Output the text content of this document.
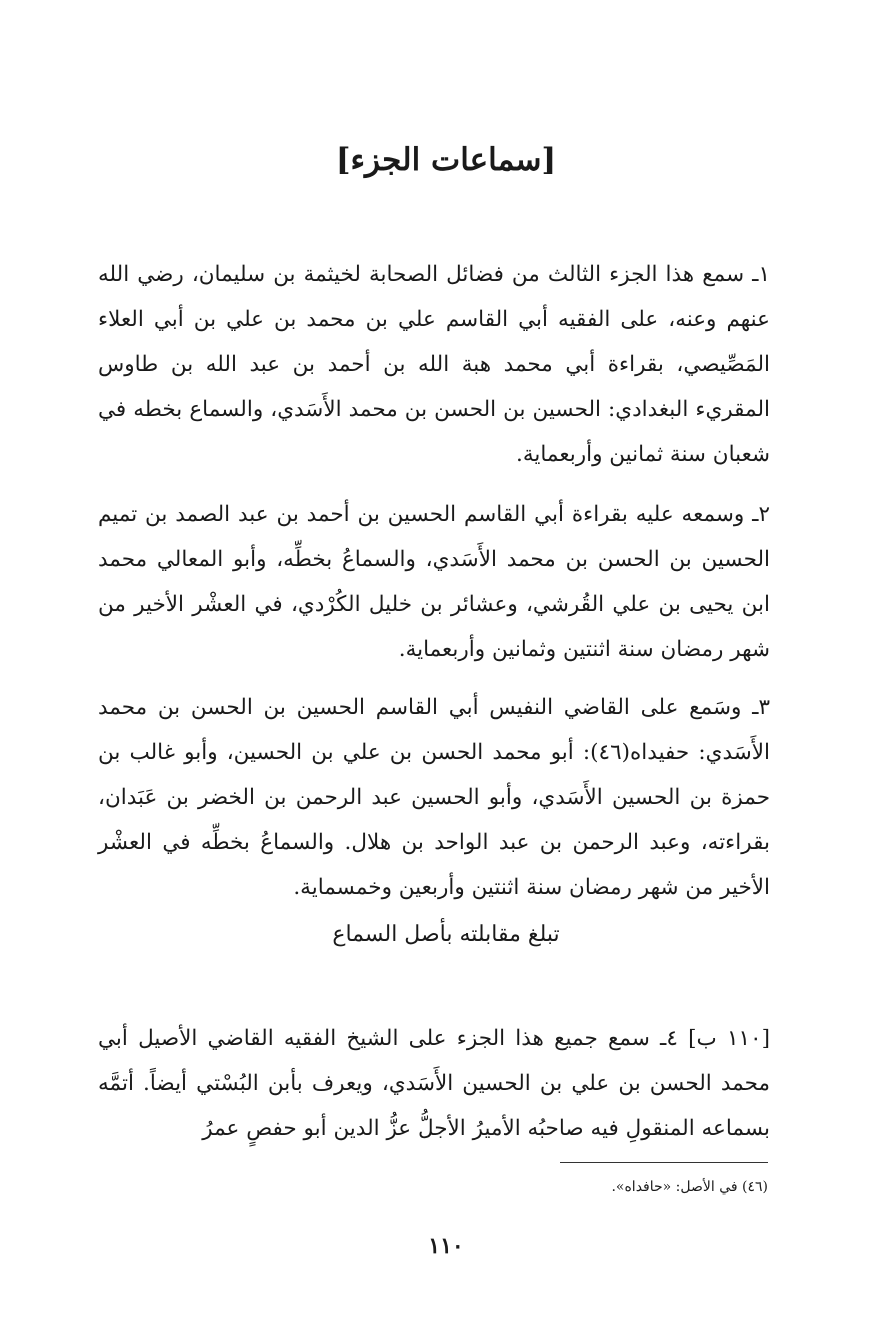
[سماعات الجزء]

١ـ سمع هذا الجزء الثالث من فضائل الصحابة لخيثمة بن سليمان، رضي الله عنهم وعنه، على الفقيه أبي القاسم علي بن محمد بن علي بن أبي العلاء المَصِّيصي، بقراءة أبي محمد هبة الله بن أحمد بن عبد الله بن طاوس المقريء البغدادي: الحسين بن الحسن بن محمد الأَسَدي، والسماع بخطه في شعبان سنة ثمانين وأربعماية.

٢ـ وسمعه عليه بقراءة أبي القاسم الحسين بن أحمد بن عبد الصمد بن تميم الحسين بن الحسن بن محمد الأَسَدي، والسماعُ بخطِّه، وأبو المعالي محمد ابن يحيى بن علي القُرشي، وعشائر بن خليل الكُرْدي، في العشْر الأخير من شهر رمضان سنة اثنتين وثمانين وأربعماية.

٣ـ وسَمع على القاضي النفيس أبي القاسم الحسين بن الحسن بن محمد الأَسَدي: حفيداه(٤٦): أبو محمد الحسن بن علي بن الحسين، وأبو غالب بن حمزة بن الحسين الأَسَدي، وأبو الحسين عبد الرحمن بن الخضر بن عَبَدان، بقراءته، وعبد الرحمن بن عبد الواحد بن هلال. والسماعُ بخطِّه في العشْر الأخير من شهر رمضان سنة اثنتين وأربعين وخمسماية.

تبلغ مقابلته بأصل السماع

[١١٠ ب] ٤ـ سمع جميع هذا الجزء على الشيخ الفقيه القاضي الأصيل أبي محمد الحسن بن علي بن الحسين الأَسَدي، ويعرف بأبن البُسْتي أيضاً. أتمَّه بسماعه المنقولِ فيه صاحبُه الأميرُ الأجلُّ عزُّ الدين أبو حفصٍ عمرُ

(٤٦) في الأصل: «حافداه».
١١٠
